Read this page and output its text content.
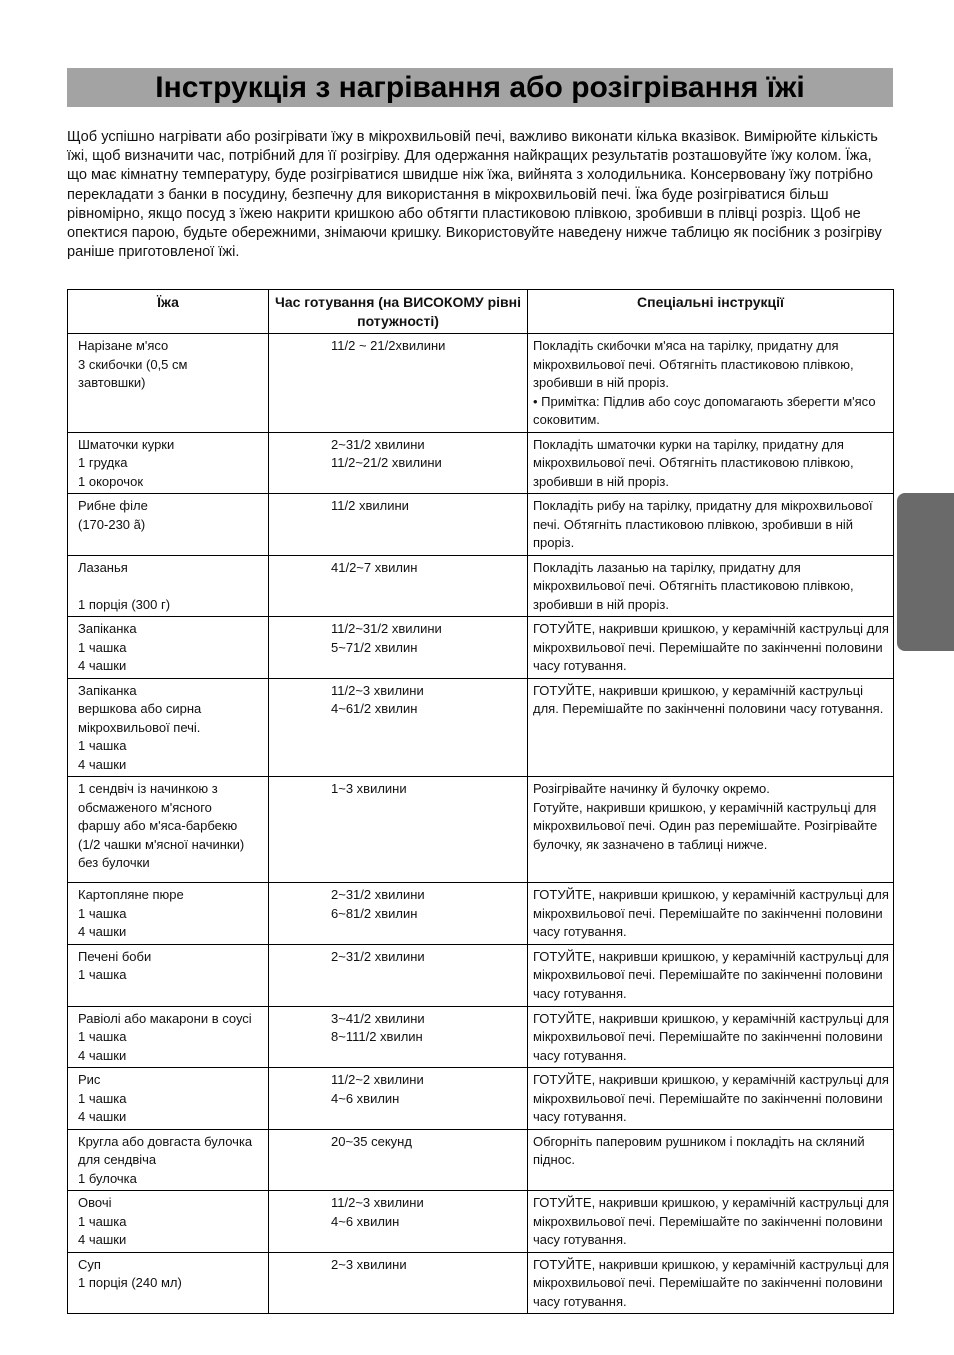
Інструкція з нагрівання або розігрівання їжі

Щоб успішно нагрівати або розігрівати їжу в мікрохвильовій печі, важливо виконати кілька вказівок. Вимірюйте кількість їжі, щоб визначити час, потрібний для її розігріву. Для одержання найкращих результатів розташовуйте їжу колом. Їжа, що має кімнатну температуру, буде розігріватися швидше ніж їжа, вийнята з холодильника. Консервовану їжу потрібно перекладати з банки в посудину, безпечну для використання в мікрохвильовій печі. Їжа буде розігріватися більш рівномірно, якщо посуд з їжею накрити кришкою або обтягти пластиковою плівкою, зробивши в плівці розріз. Щоб не опектися парою, будьте обережними, знімаючи кришку. Використовуйте наведену нижче таблицю як посібник з розігріву раніше приготовленої їжі.

Їжа	Час готування (на ВИСОКОМУ рівні потужності)	Спеціальні інструкції

Нарізане м'ясо
3 скибочки (0,5 см
завтовшки)	11/2 ~ 21/2хвилини	Покладіть скибочки м'яса на тарілку, придатну для мікрохвильової печі. Обтягніть пластиковою плівкою, зробивши в ній проріз.
• Примітка: Підлив або соус допомагають зберегти м'ясо соковитим.

Шматочки курки
1 грудка
1 окорочок	2~31/2 хвилини
11/2~21/2 хвилини	Покладіть шматочки курки на тарілку, придатну для мікрохвильової печі. Обтягніть пластиковою плівкою, зробивши в ній проріз.

Рибне філе
(170-230 ã)	11/2 хвилини	Покладіть рибу на тарілку, придатну для мікрохвильової печі. Обтягніть пластиковою плівкою, зробивши в ній проріз.

Лазанья

1 порція (300 г)	41/2~7 хвилин	Покладіть лазанью на тарілку, придатну для мікрохвильової печі. Обтягніть пластиковою плівкою, зробивши в ній проріз.

Запіканка
1 чашка
4 чашки	11/2~31/2 хвилини
5~71/2 хвилин	ГОТУЙТЕ, накривши кришкою, у керамічній каструльці для мікрохвильової печі. Перемішайте по закінченні половини часу готування.

Запіканка
вершкова або сирна
мікрохвильової печі.
1 чашка
4 чашки	11/2~3 хвилини
4~61/2 хвилин	ГОТУЙТЕ, накривши кришкою, у керамічній каструльці для. Перемішайте по закінченні половини часу готування.

1 сендвіч із начинкою з
обсмаженого м'ясного
фаршу або м'яса-барбекю
(1/2 чашки м'ясної начинки)
без булочки	1~3 хвилини	Розігрівайте начинку й булочку окремо.
Готуйте, накривши кришкою, у керамічній каструльці для мікрохвильової печі. Один раз перемішайте. Розігрівайте булочку, як зазначено в таблиці нижче.

Картопляне пюре
1 чашка
4 чашки	2~31/2 хвилини
6~81/2 хвилин	ГОТУЙТЕ, накривши кришкою, у керамічній каструльці для мікрохвильової печі. Перемішайте по закінченні половини часу готування.

Печені боби
1 чашка	2~31/2 хвилини	ГОТУЙТЕ, накривши кришкою, у керамічній каструльці для мікрохвильової печі. Перемішайте по закінченні половини часу готування.

Равіолі або макарони в соусі
1 чашка
4 чашки	3~41/2 хвилини
8~111/2 хвилин	ГОТУЙТЕ, накривши кришкою, у керамічній каструльці для мікрохвильової печі. Перемішайте по закінченні половини часу готування.

Рис
1 чашка
4 чашки	11/2~2 хвилини
4~6 хвилин	ГОТУЙТЕ, накривши кришкою, у керамічній каструльці для мікрохвильової печі. Перемішайте по закінченні половини часу готування.

Кругла або довгаста булочка
для сендвіча
1 булочка	20~35 секунд	Обгорніть паперовим рушником і покладіть на скляний піднос.

Овочі
1 чашка
4 чашки	11/2~3 хвилини
4~6 хвилин	ГОТУЙТЕ, накривши кришкою, у керамічній каструльці для мікрохвильової печі. Перемішайте по закінченні половини часу готування.

Суп
1 порція (240 мл)	2~3 хвилини	ГОТУЙТЕ, накривши кришкою, у керамічній каструльці для мікрохвильової печі. Перемішайте по закінченні половини часу готування.
